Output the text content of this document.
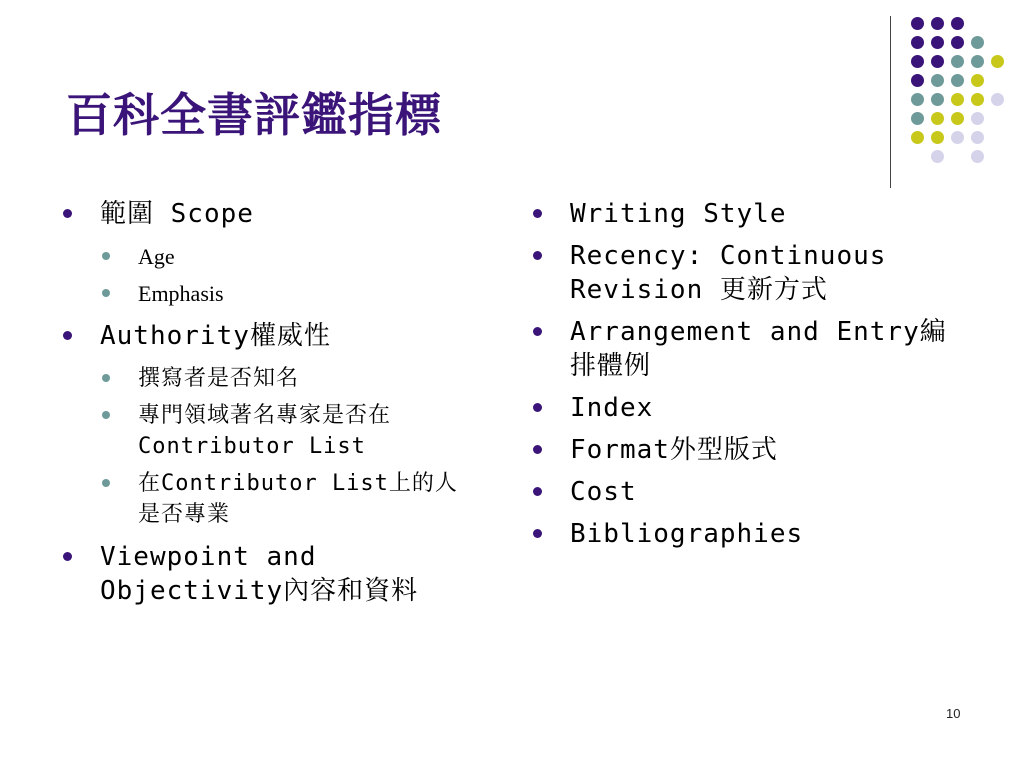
百科全書評鑑指標
範圍 Scope
Age
Emphasis
Authority權威性
撰寫者是否知名
專門領域著名專家是否在Contributor List
在Contributor List上的人是否專業
Viewpoint and Objectivity內容和資料
Writing Style
Recency: Continuous Revision 更新方式
Arrangement and Entry編排體例
Index
Format外型版式
Cost
Bibliographies
10
